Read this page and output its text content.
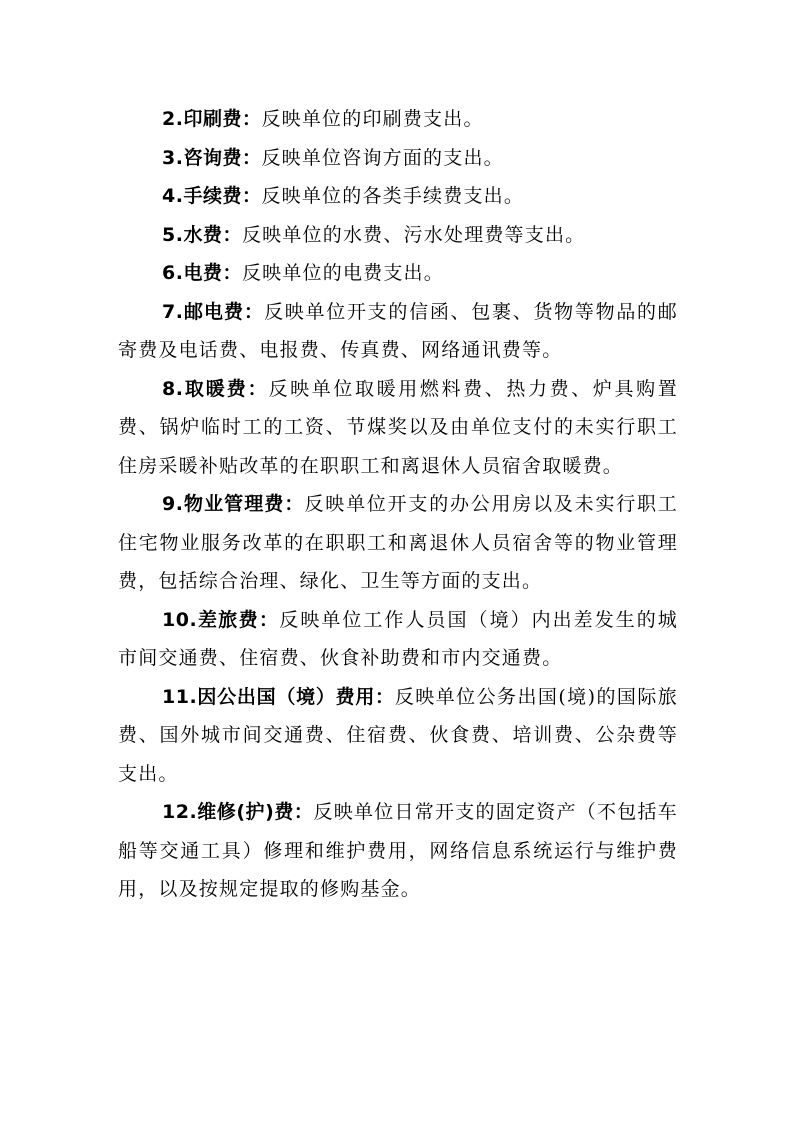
2.印刷费：反映单位的印刷费支出。

3.咨询费：反映单位咨询方面的支出。

4.手续费：反映单位的各类手续费支出。

5.水费：反映单位的水费、污水处理费等支出。

6.电费：反映单位的电费支出。

7.邮电费：反映单位开支的信函、包裹、货物等物品的邮寄费及电话费、电报费、传真费、网络通讯费等。

8.取暖费：反映单位取暖用燃料费、热力费、炉具购置费、锅炉临时工的工资、节煤奖以及由单位支付的未实行职工住房采暖补贴改革的在职职工和离退休人员宿舍取暖费。

9.物业管理费：反映单位开支的办公用房以及未实行职工住宅物业服务改革的在职职工和离退休人员宿舍等的物业管理费，包括综合治理、绿化、卫生等方面的支出。

10.差旅费：反映单位工作人员国（境）内出差发生的城市间交通费、住宿费、伙食补助费和市内交通费。

11.因公出国（境）费用：反映单位公务出国(境)的国际旅费、国外城市间交通费、住宿费、伙食费、培训费、公杂费等支出。

12.维修(护)费：反映单位日常开支的固定资产（不包括车船等交通工具）修理和维护费用，网络信息系统运行与维护费用，以及按规定提取的修购基金。
